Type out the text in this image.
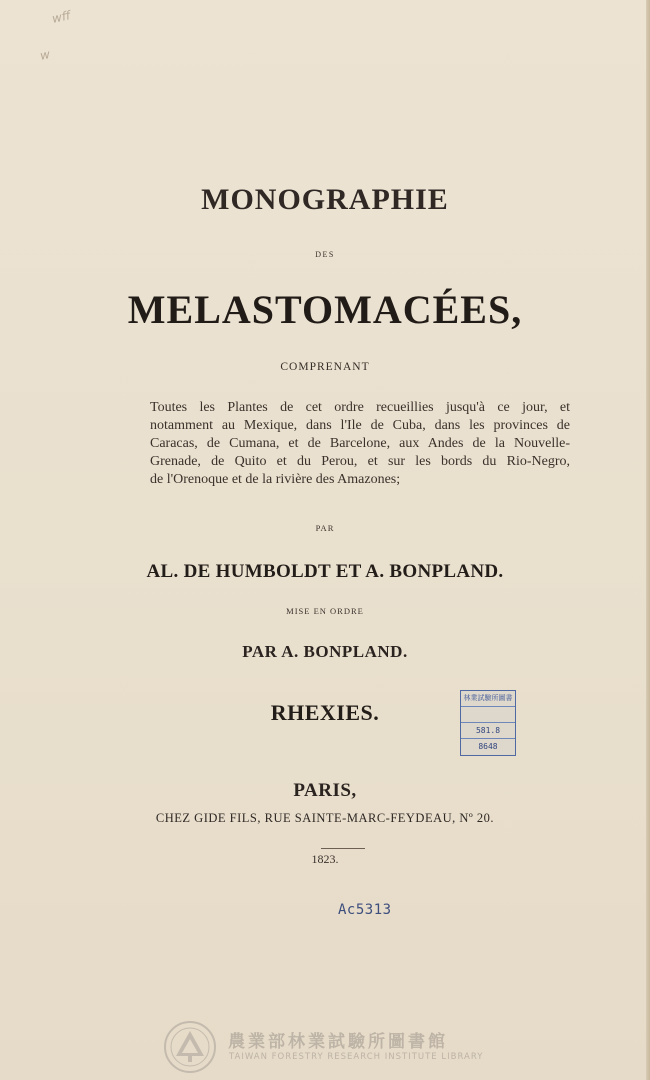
wff
w
MONOGRAPHIE
DES
MELASTOMACÉES,
COMPRENANT
Toutes les Plantes de cet ordre recueillies jusqu'à ce jour, et
notamment au Mexique, dans l'Ile de Cuba, dans les provinces de
Caracas, de Cumana, et de Barcelone, aux Andes de la Nouvelle-
Grenade, de Quito et du Perou, et sur les bords du Rio-Negro,
de l'Orenoque et de la rivière des Amazones;
PAR
AL. DE HUMBOLDT ET A. BONPLAND.
MISE EN ORDRE
PAR A. BONPLAND.
RHEXIES.
林業試驗所圖書
581.8
8648
PARIS,
CHEZ GIDE FILS, RUE SAINTE-MARC-FEYDEAU, Nº 20.
1823.
Ac5313
農業部林業試驗所圖書館
TAIWAN FORESTRY RESEARCH INSTITUTE LIBRARY
